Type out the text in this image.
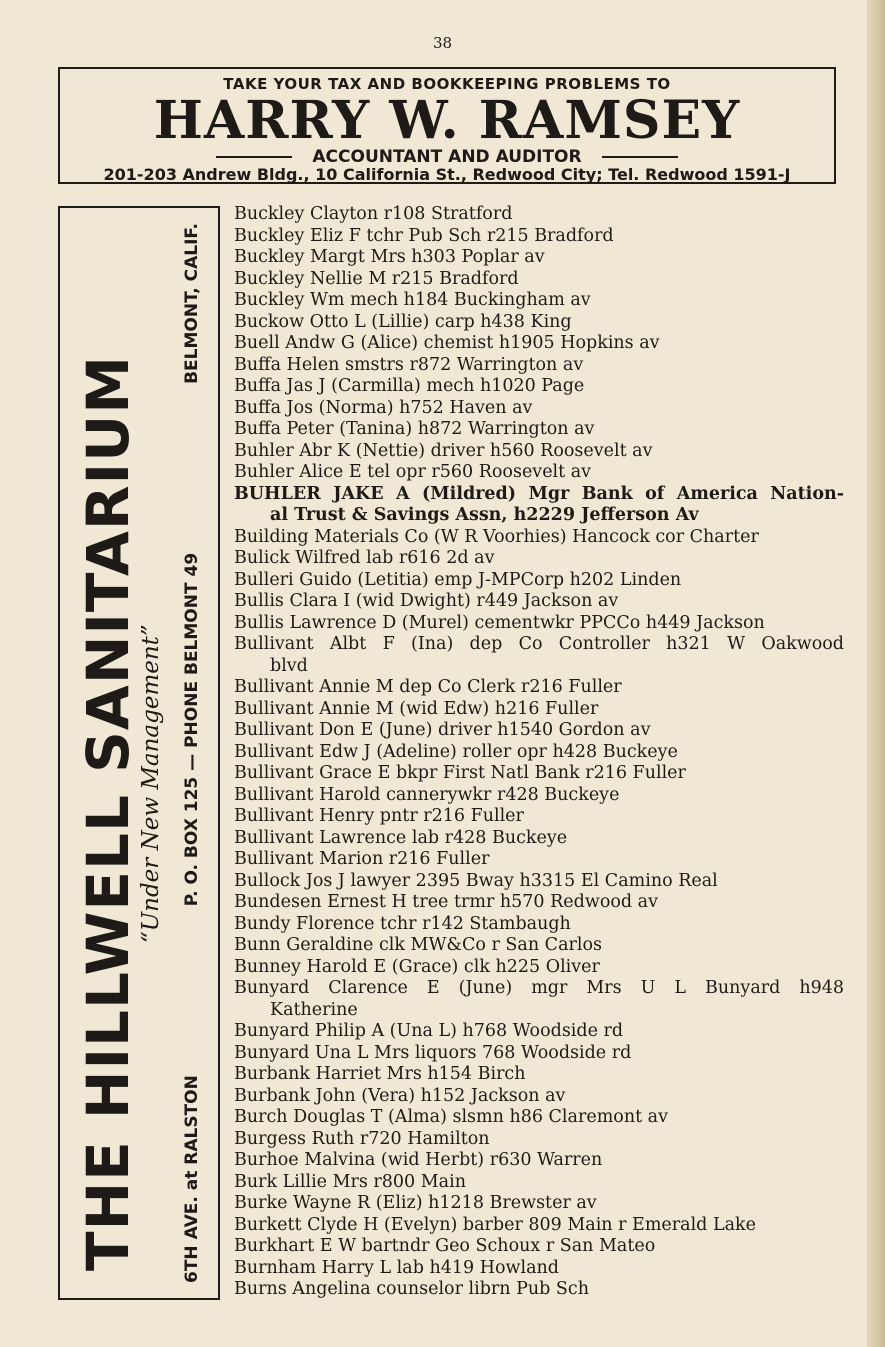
38
TAKE YOUR TAX AND BOOKKEEPING PROBLEMS TO
HARRY W. RAMSEY
ACCOUNTANT AND AUDITOR
201-203 Andrew Bldg., 10 California St., Redwood City; Tel. Redwood 1591-J
THE HILLWELL SANITARIUM
“Under New Management”
6TH AVE. at RALSTON
P. O. BOX 125 — PHONE BELMONT 49
BELMONT, CALIF.
Buckley Clayton r108 Stratford
Buckley Eliz F tchr Pub Sch r215 Bradford
Buckley Margt Mrs h303 Poplar av
Buckley Nellie M r215 Bradford
Buckley Wm mech h184 Buckingham av
Buckow Otto L (Lillie) carp h438 King
Buell Andw G (Alice) chemist h1905 Hopkins av
Buffa Helen smstrs r872 Warrington av
Buffa Jas J (Carmilla) mech h1020 Page
Buffa Jos (Norma) h752 Haven av
Buffa Peter (Tanina) h872 Warrington av
Buhler Abr K (Nettie) driver h560 Roosevelt av
Buhler Alice E tel opr r560 Roosevelt av
BUHLER JAKE A (Mildred) Mgr Bank of America Nation-
al Trust & Savings Assn, h2229 Jefferson Av
Building Materials Co (W R Voorhies) Hancock cor Charter
Bulick Wilfred lab r616 2d av
Bulleri Guido (Letitia) emp J-MPCorp h202 Linden
Bullis Clara I (wid Dwight) r449 Jackson av
Bullis Lawrence D (Murel) cementwkr PPCCo h449 Jackson
Bullivant Albt F (Ina) dep Co Controller h321 W Oakwood
blvd
Bullivant Annie M dep Co Clerk r216 Fuller
Bullivant Annie M (wid Edw) h216 Fuller
Bullivant Don E (June) driver h1540 Gordon av
Bullivant Edw J (Adeline) roller opr h428 Buckeye
Bullivant Grace E bkpr First Natl Bank r216 Fuller
Bullivant Harold cannerywkr r428 Buckeye
Bullivant Henry pntr r216 Fuller
Bullivant Lawrence lab r428 Buckeye
Bullivant Marion r216 Fuller
Bullock Jos J lawyer 2395 Bway h3315 El Camino Real
Bundesen Ernest H tree trmr h570 Redwood av
Bundy Florence tchr r142 Stambaugh
Bunn Geraldine clk MW&Co r San Carlos
Bunney Harold E (Grace) clk h225 Oliver
Bunyard Clarence E (June) mgr Mrs U L Bunyard h948
Katherine
Bunyard Philip A (Una L) h768 Woodside rd
Bunyard Una L Mrs liquors 768 Woodside rd
Burbank Harriet Mrs h154 Birch
Burbank John (Vera) h152 Jackson av
Burch Douglas T (Alma) slsmn h86 Claremont av
Burgess Ruth r720 Hamilton
Burhoe Malvina (wid Herbt) r630 Warren
Burk Lillie Mrs r800 Main
Burke Wayne R (Eliz) h1218 Brewster av
Burkett Clyde H (Evelyn) barber 809 Main r Emerald Lake
Burkhart E W bartndr Geo Schoux r San Mateo
Burnham Harry L lab h419 Howland
Burns Angelina counselor librn Pub Sch
